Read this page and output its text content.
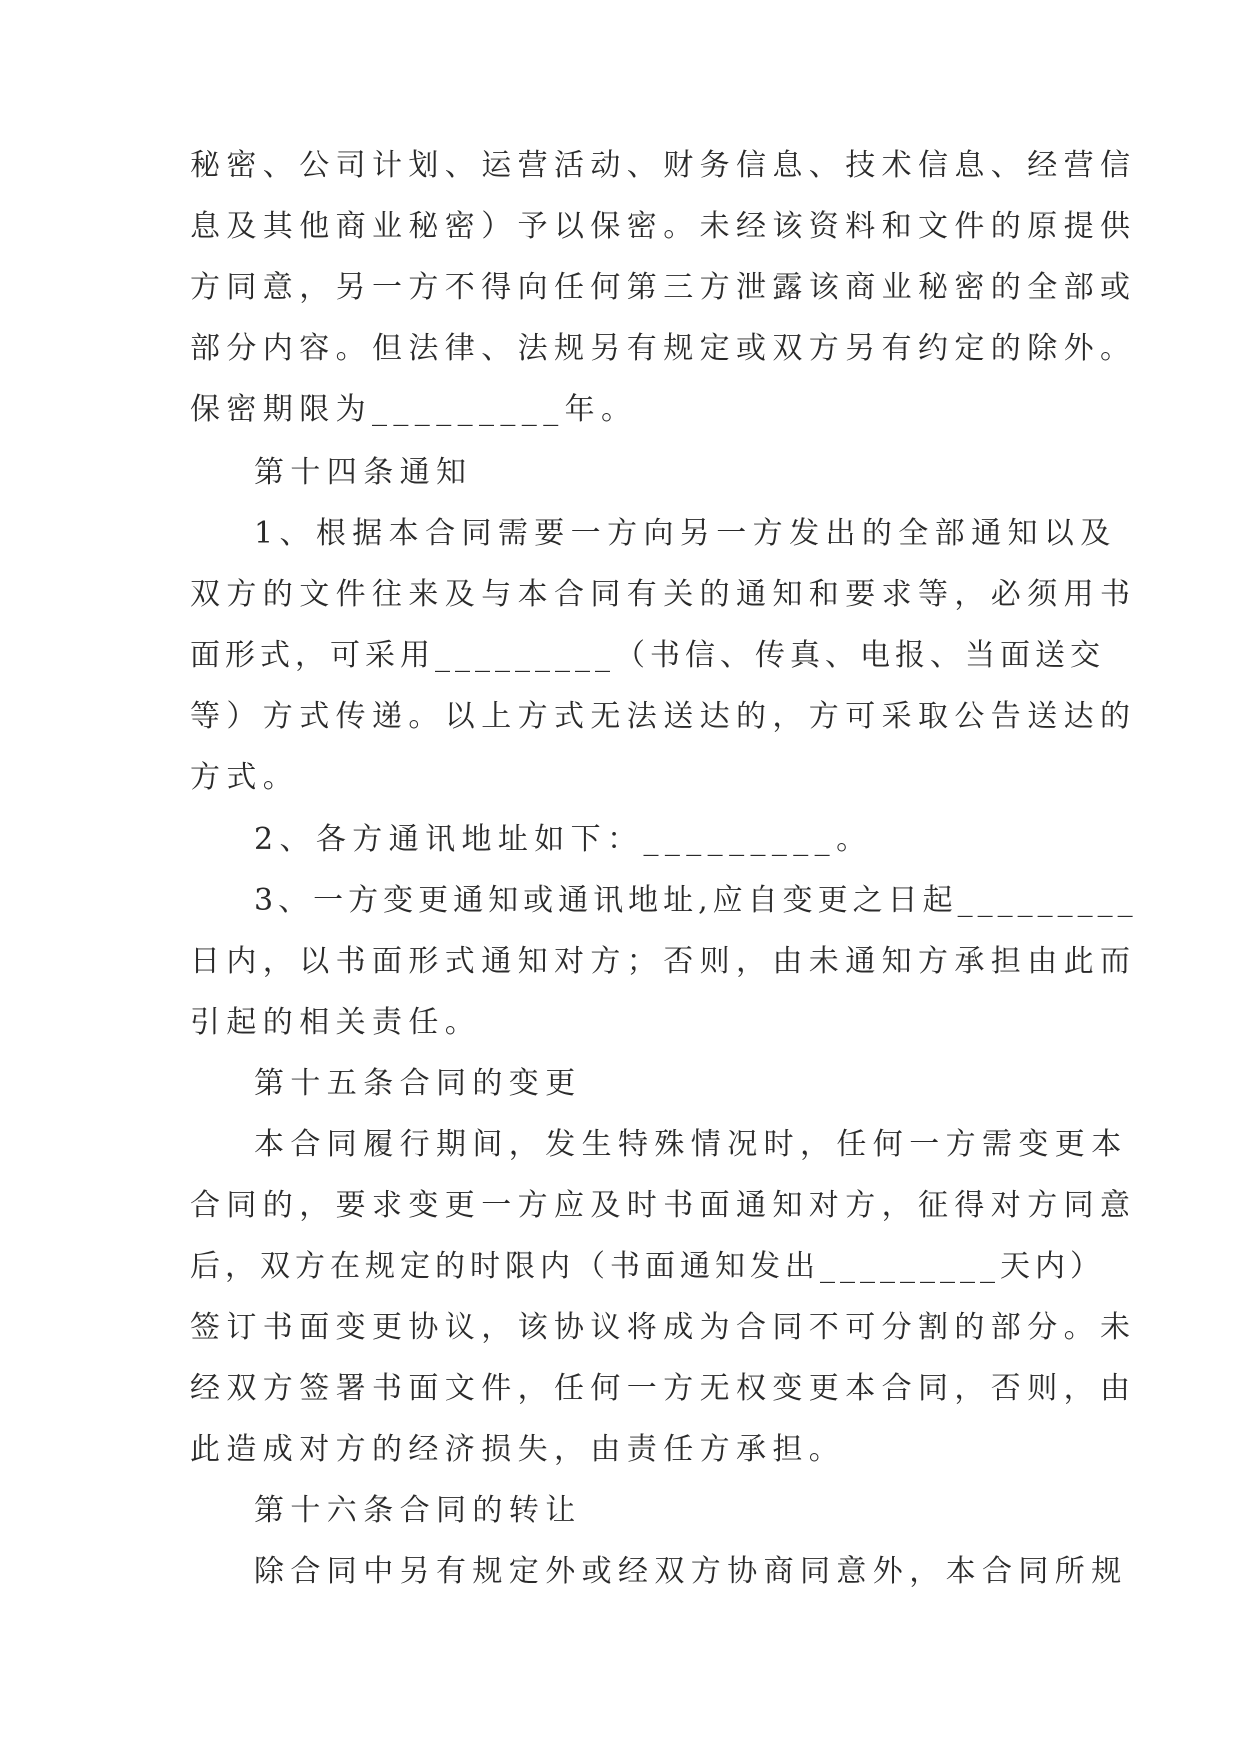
秘密、公司计划、运营活动、财务信息、技术信息、经营信
息及其他商业秘密）予以保密。未经该资料和文件的原提供
方同意，另一方不得向任何第三方泄露该商业秘密的全部或
部分内容。但法律、法规另有规定或双方另有约定的除外。
保密期限为_________年。
第十四条通知
1、根据本合同需要一方向另一方发出的全部通知以及
双方的文件往来及与本合同有关的通知和要求等，必须用书
面形式，可采用_________（书信、传真、电报、当面送交
等）方式传递。以上方式无法送达的，方可采取公告送达的
方式。
2、各方通讯地址如下：_________。
3、一方变更通知或通讯地址,应自变更之日起_________
日内，以书面形式通知对方；否则，由未通知方承担由此而
引起的相关责任。
第十五条合同的变更
本合同履行期间，发生特殊情况时，任何一方需变更本
合同的，要求变更一方应及时书面通知对方，征得对方同意
后，双方在规定的时限内（书面通知发出_________天内）
签订书面变更协议，该协议将成为合同不可分割的部分。未
经双方签署书面文件，任何一方无权变更本合同，否则，由
此造成对方的经济损失，由责任方承担。
第十六条合同的转让
除合同中另有规定外或经双方协商同意外，本合同所规
